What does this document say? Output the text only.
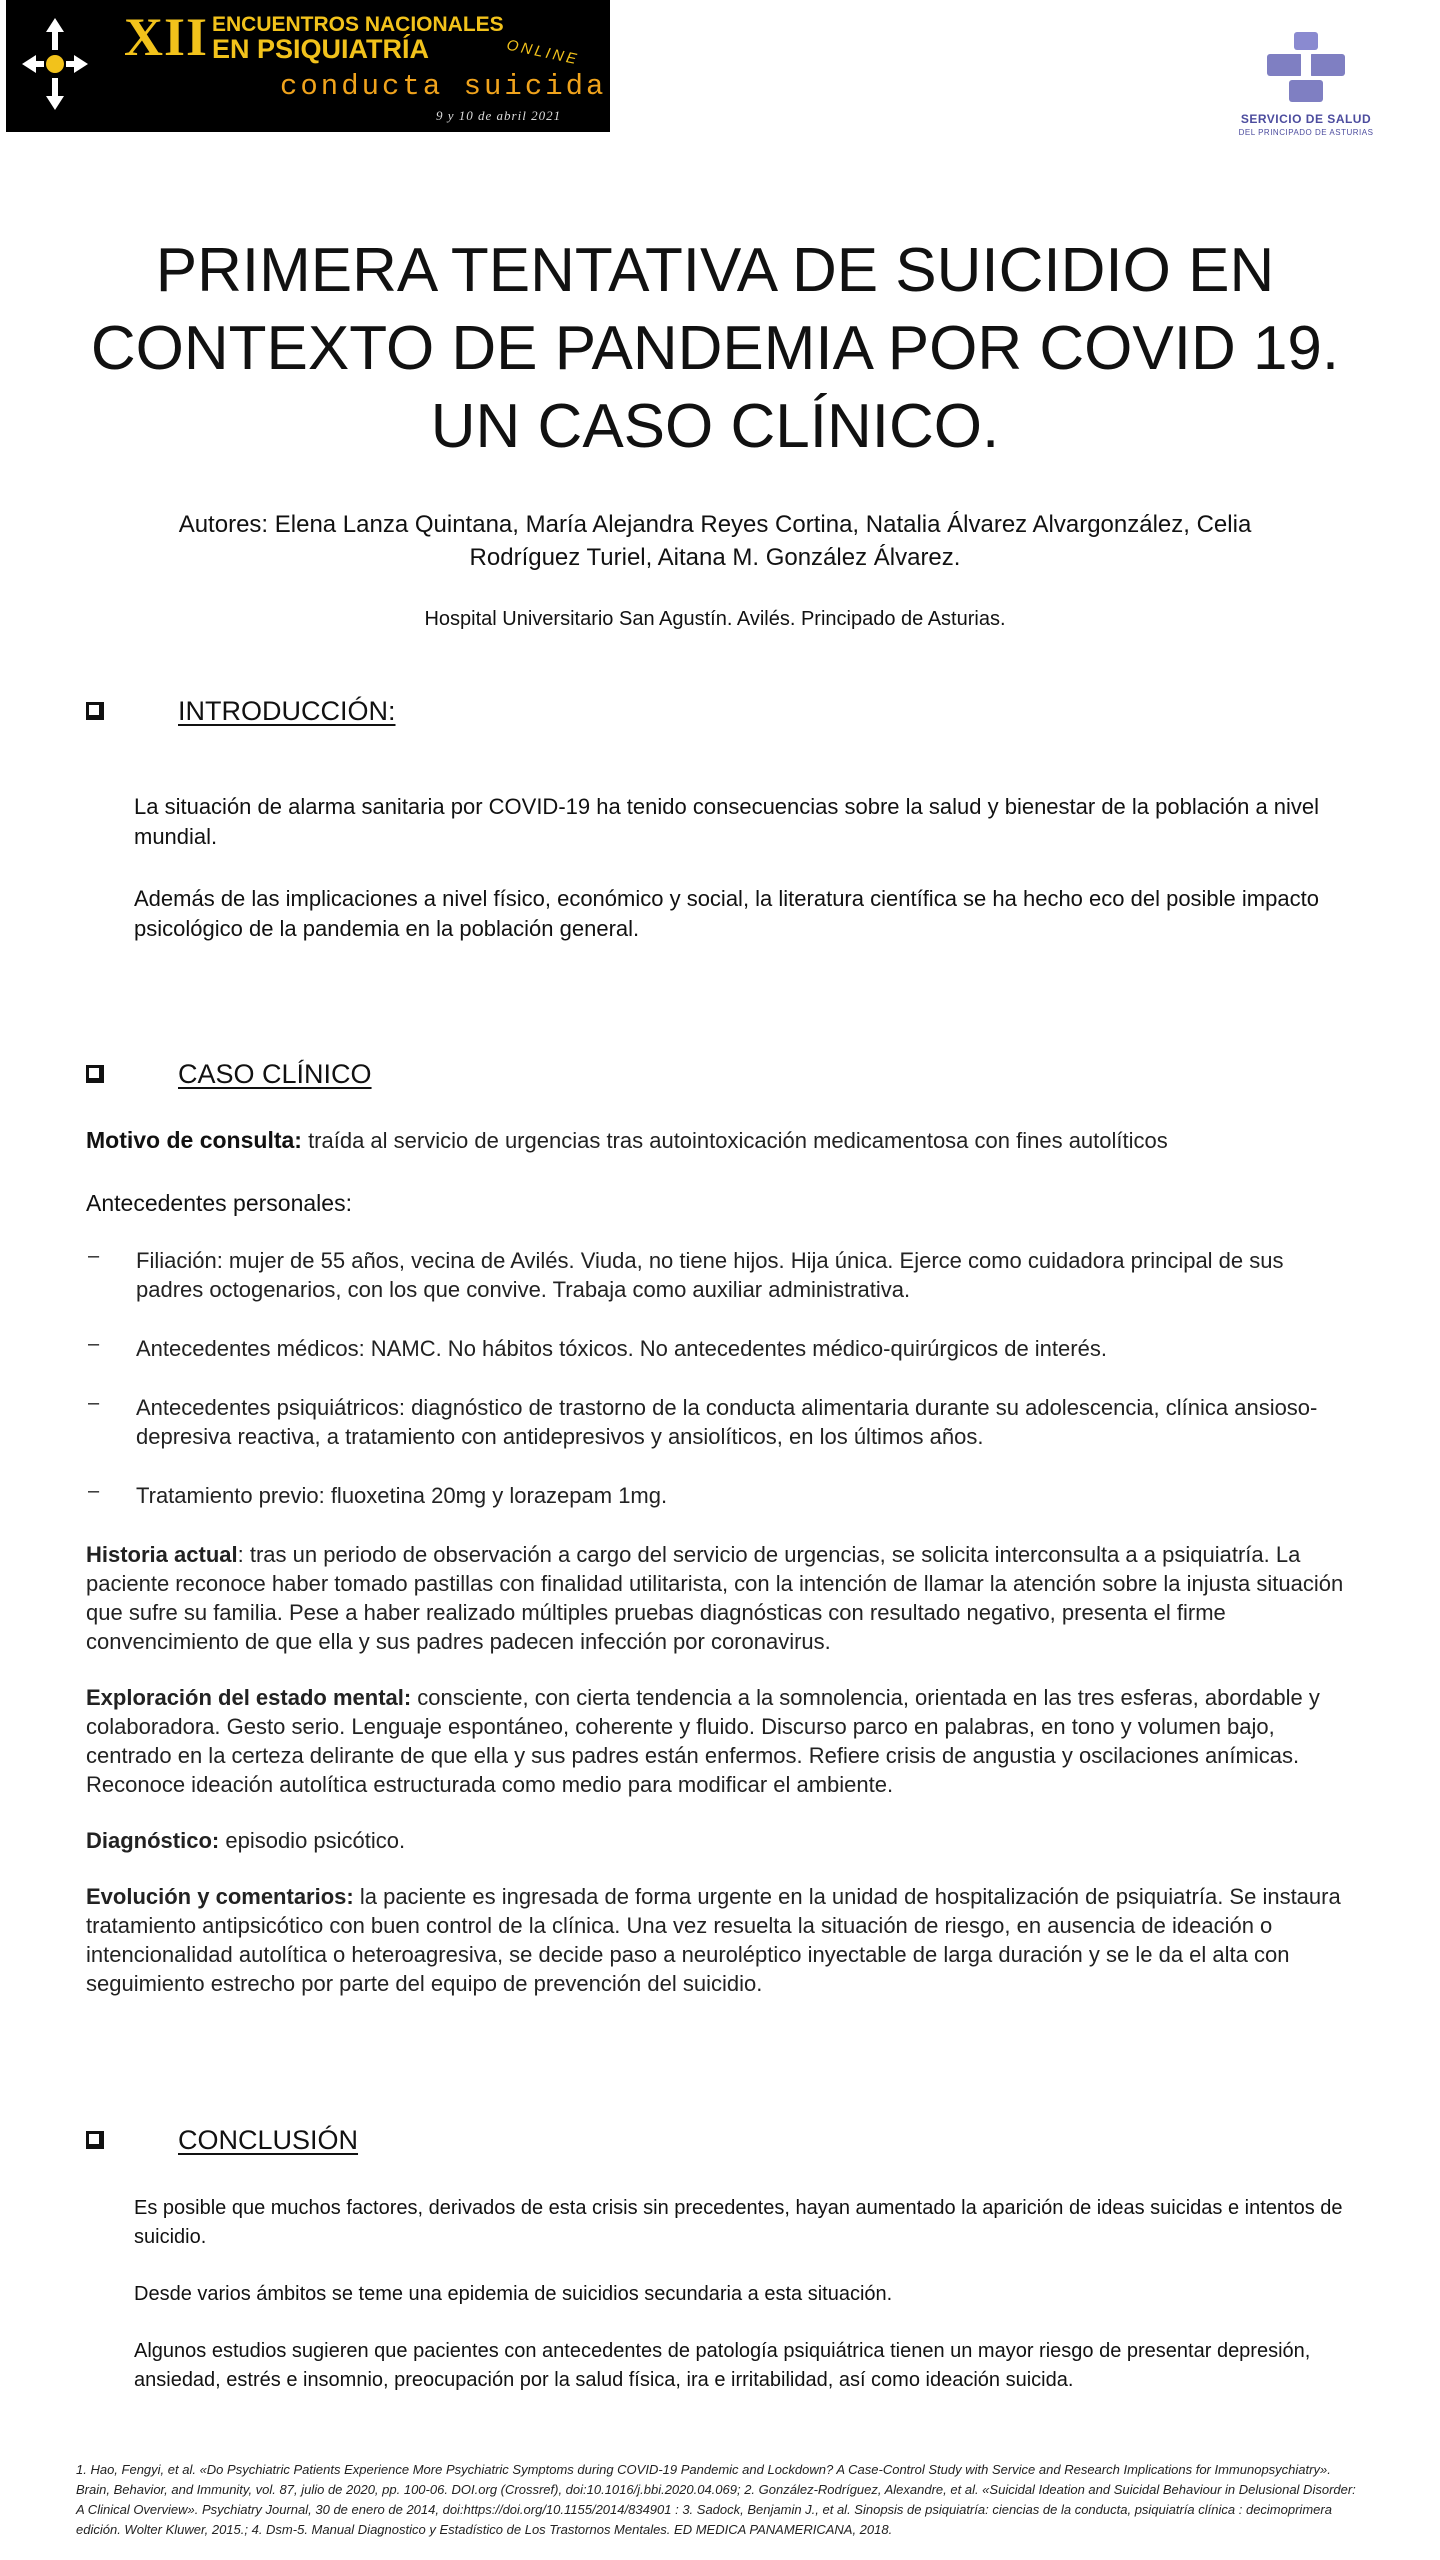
XII ENCUENTROS NACIONALES
EN PSIQUIATRÍA	ONLINE
conducta suicida
9 y 10 de abril 2021	SERVICIO DE SALUD
DEL PRINCIPADO DE ASTURIAS
PRIMERA TENTATIVA DE SUICIDIO EN
CONTEXTO DE PANDEMIA POR COVID 19.
UN CASO CLÍNICO.
Autores: Elena Lanza Quintana, María Alejandra Reyes Cortina, Natalia Álvarez Alvargonzález, Celia
Rodríguez Turiel, Aitana M. González Álvarez.
Hospital Universitario San Agustín. Avilés. Principado de Asturias.
INTRODUCCIÓN:

La situación de alarma sanitaria por COVID-19 ha tenido consecuencias sobre la salud y bienestar de la población a nivel mundial.

Además de las implicaciones a nivel físico, económico y social, la literatura científica se ha hecho eco del posible impacto psicológico de la pandemia en la población general.

CASO CLÍNICO
Motivo de consulta: traída al servicio de urgencias tras autointoxicación medicamentosa con fines autolíticos
Antecedentes personales:
– Filiación: mujer de 55 años, vecina de Avilés. Viuda, no tiene hijos. Hija única. Ejerce como cuidadora principal de sus padres octogenarios, con los que convive. Trabaja como auxiliar administrativa.
– Antecedentes médicos: NAMC. No hábitos tóxicos. No antecedentes médico-quirúrgicos de interés.
– Antecedentes psiquiátricos: diagnóstico de trastorno de la conducta alimentaria durante su adolescencia, clínica ansioso-depresiva reactiva, a tratamiento con antidepresivos y ansiolíticos, en los últimos años.
– Tratamiento previo: fluoxetina 20mg y lorazepam 1mg.

Historia actual: tras un periodo de observación a cargo del servicio de urgencias, se solicita interconsulta a a psiquiatría. La paciente reconoce haber tomado pastillas con finalidad utilitarista, con la intención de llamar la atención sobre la injusta situación que sufre su familia. Pese a haber realizado múltiples pruebas diagnósticas con resultado negativo, presenta el firme convencimiento de que ella y sus padres padecen infección por coronavirus.

Exploración del estado mental: consciente, con cierta tendencia a la somnolencia, orientada en las tres esferas, abordable y colaboradora. Gesto serio. Lenguaje espontáneo, coherente y fluido. Discurso parco en palabras, en tono y volumen bajo, centrado en la certeza delirante de que ella y sus padres están enfermos. Refiere crisis de angustia y oscilaciones anímicas. Reconoce ideación autolítica estructurada como medio para modificar el ambiente.

Diagnóstico: episodio psicótico.

Evolución y comentarios: la paciente es ingresada de forma urgente en la unidad de hospitalización de psiquiatría. Se instaura tratamiento antipsicótico con buen control de la clínica. Una vez resuelta la situación de riesgo, en ausencia de ideación o intencionalidad autolítica o heteroagresiva, se decide paso a neuroléptico inyectable de larga duración y se le da el alta con seguimiento estrecho por parte del equipo de prevención del suicidio.

CONCLUSIÓN

Es posible que muchos factores, derivados de esta crisis sin precedentes, hayan aumentado la aparición de ideas suicidas e intentos de suicidio.

Desde varios ámbitos se teme una epidemia de suicidios secundaria a esta situación.

Algunos estudios sugieren que pacientes con antecedentes de patología psiquiátrica tienen un mayor riesgo de presentar depresión, ansiedad, estrés e insomnio, preocupación por la salud física, ira e irritabilidad, así como ideación suicida.

1. Hao, Fengyi, et al. «Do Psychiatric Patients Experience More Psychiatric Symptoms during COVID-19 Pandemic and Lockdown? A Case-Control Study with Service and Research Implications for Immunopsychiatry». Brain, Behavior, and Immunity, vol. 87, julio de 2020, pp. 100-06. DOI.org (Crossref), doi:10.1016/j.bbi.2020.04.069; 2. González-Rodríguez, Alexandre, et al. «Suicidal Ideation and Suicidal Behaviour in Delusional Disorder: A Clinical Overview». Psychiatry Journal, 30 de enero de 2014, doi:https://doi.org/10.1155/2014/834901 : 3. Sadock, Benjamin J., et al. Sinopsis de psiquiatría: ciencias de la conducta, psiquiatría clínica : decimoprimera edición. Wolter Kluwer, 2015.; 4. Dsm-5. Manual Diagnostico y Estadístico de Los Trastornos Mentales. ED MEDICA PANAMERICANA, 2018.
